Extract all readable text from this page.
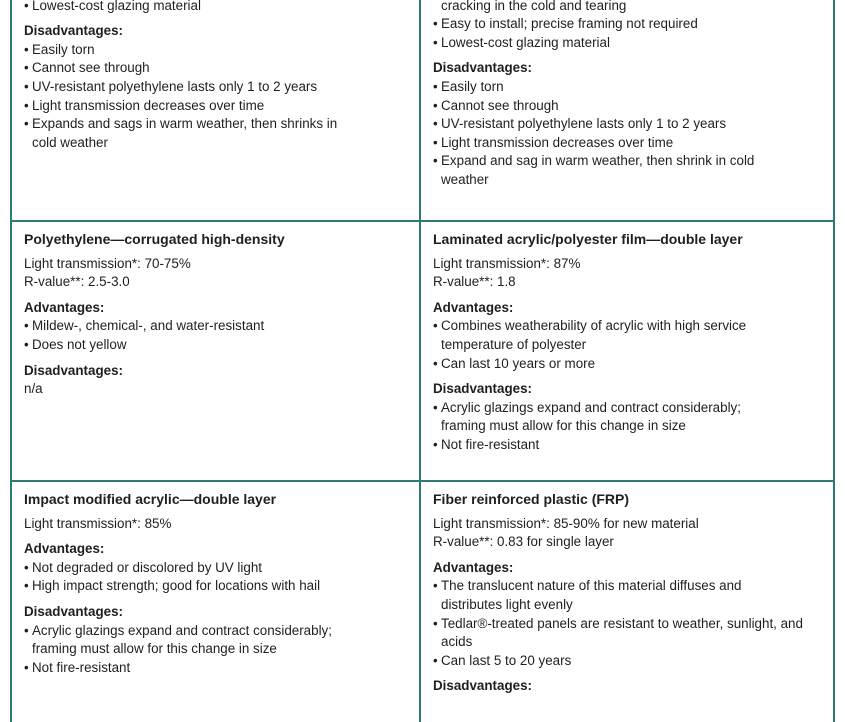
• Lowest-cost glazing material
Disadvantages:
• Easily torn
• Cannot see through
• UV-resistant polyethylene lasts only 1 to 2 years
• Light transmission decreases over time
• Expands and sags in warm weather, then shrinks in cold weather
• cracking in the cold and tearing
• Easy to install; precise framing not required
• Lowest-cost glazing material
Disadvantages:
• Easily torn
• Cannot see through
• UV-resistant polyethylene lasts only 1 to 2 years
• Light transmission decreases over time
• Expand and sag in warm weather, then shrink in cold weather
Polyethylene—corrugated high-density
Light transmission*: 70-75%
R-value**: 2.5-3.0
Advantages:
• Mildew-, chemical-, and water-resistant
• Does not yellow
Disadvantages:
n/a
Laminated acrylic/polyester film—double layer
Light transmission*: 87%
R-value**: 1.8
Advantages:
• Combines weatherability of acrylic with high service temperature of polyester
• Can last 10 years or more
Disadvantages:
• Acrylic glazings expand and contract considerably; framing must allow for this change in size
• Not fire-resistant
Impact modified acrylic—double layer
Light transmission*: 85%
Advantages:
• Not degraded or discolored by UV light
• High impact strength; good for locations with hail
Disadvantages:
• Acrylic glazings expand and contract considerably; framing must allow for this change in size
• Not fire-resistant
Fiber reinforced plastic (FRP)
Light transmission*: 85-90% for new material
R-value**: 0.83 for single layer
Advantages:
• The translucent nature of this material diffuses and distributes light evenly
• Tedlar®-treated panels are resistant to weather, sunlight, and acids
• Can last 5 to 20 years
Disadvantages:
